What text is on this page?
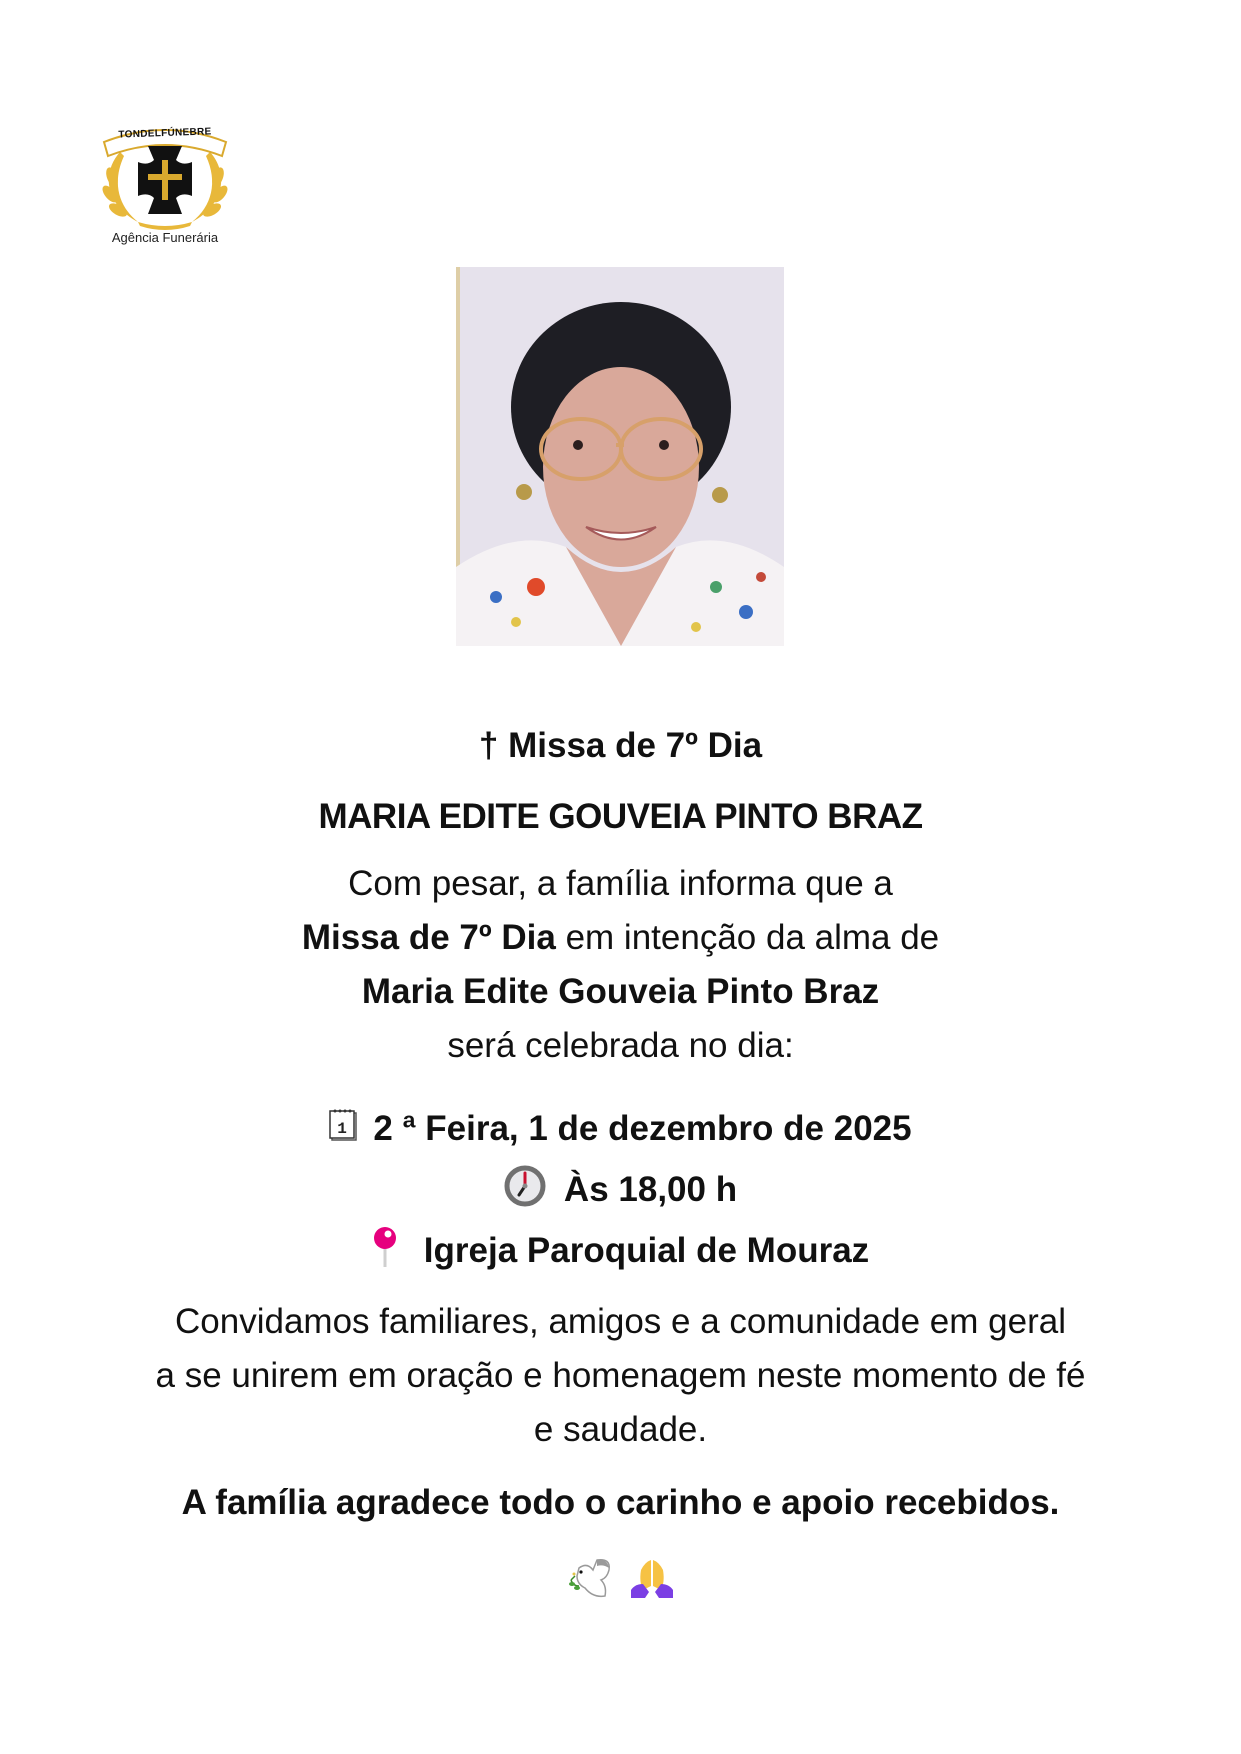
TONDELFÚNEBRE
Agência Funerária
† Missa de 7º Dia
MARIA EDITE GOUVEIA PINTO BRAZ
Com pesar, a família informa que a
Missa de 7º Dia em intenção da alma de
Maria Edite Gouveia Pinto Braz
será celebrada no dia:
1 2 ª Feira, 1 de dezembro de 2025
Às 18,00 h
Igreja Paroquial de Mouraz
Convidamos familiares, amigos e a comunidade em geral
a se unirem em oração e homenagem neste momento de fé
e saudade.
A família agradece todo o carinho e apoio recebidos.
